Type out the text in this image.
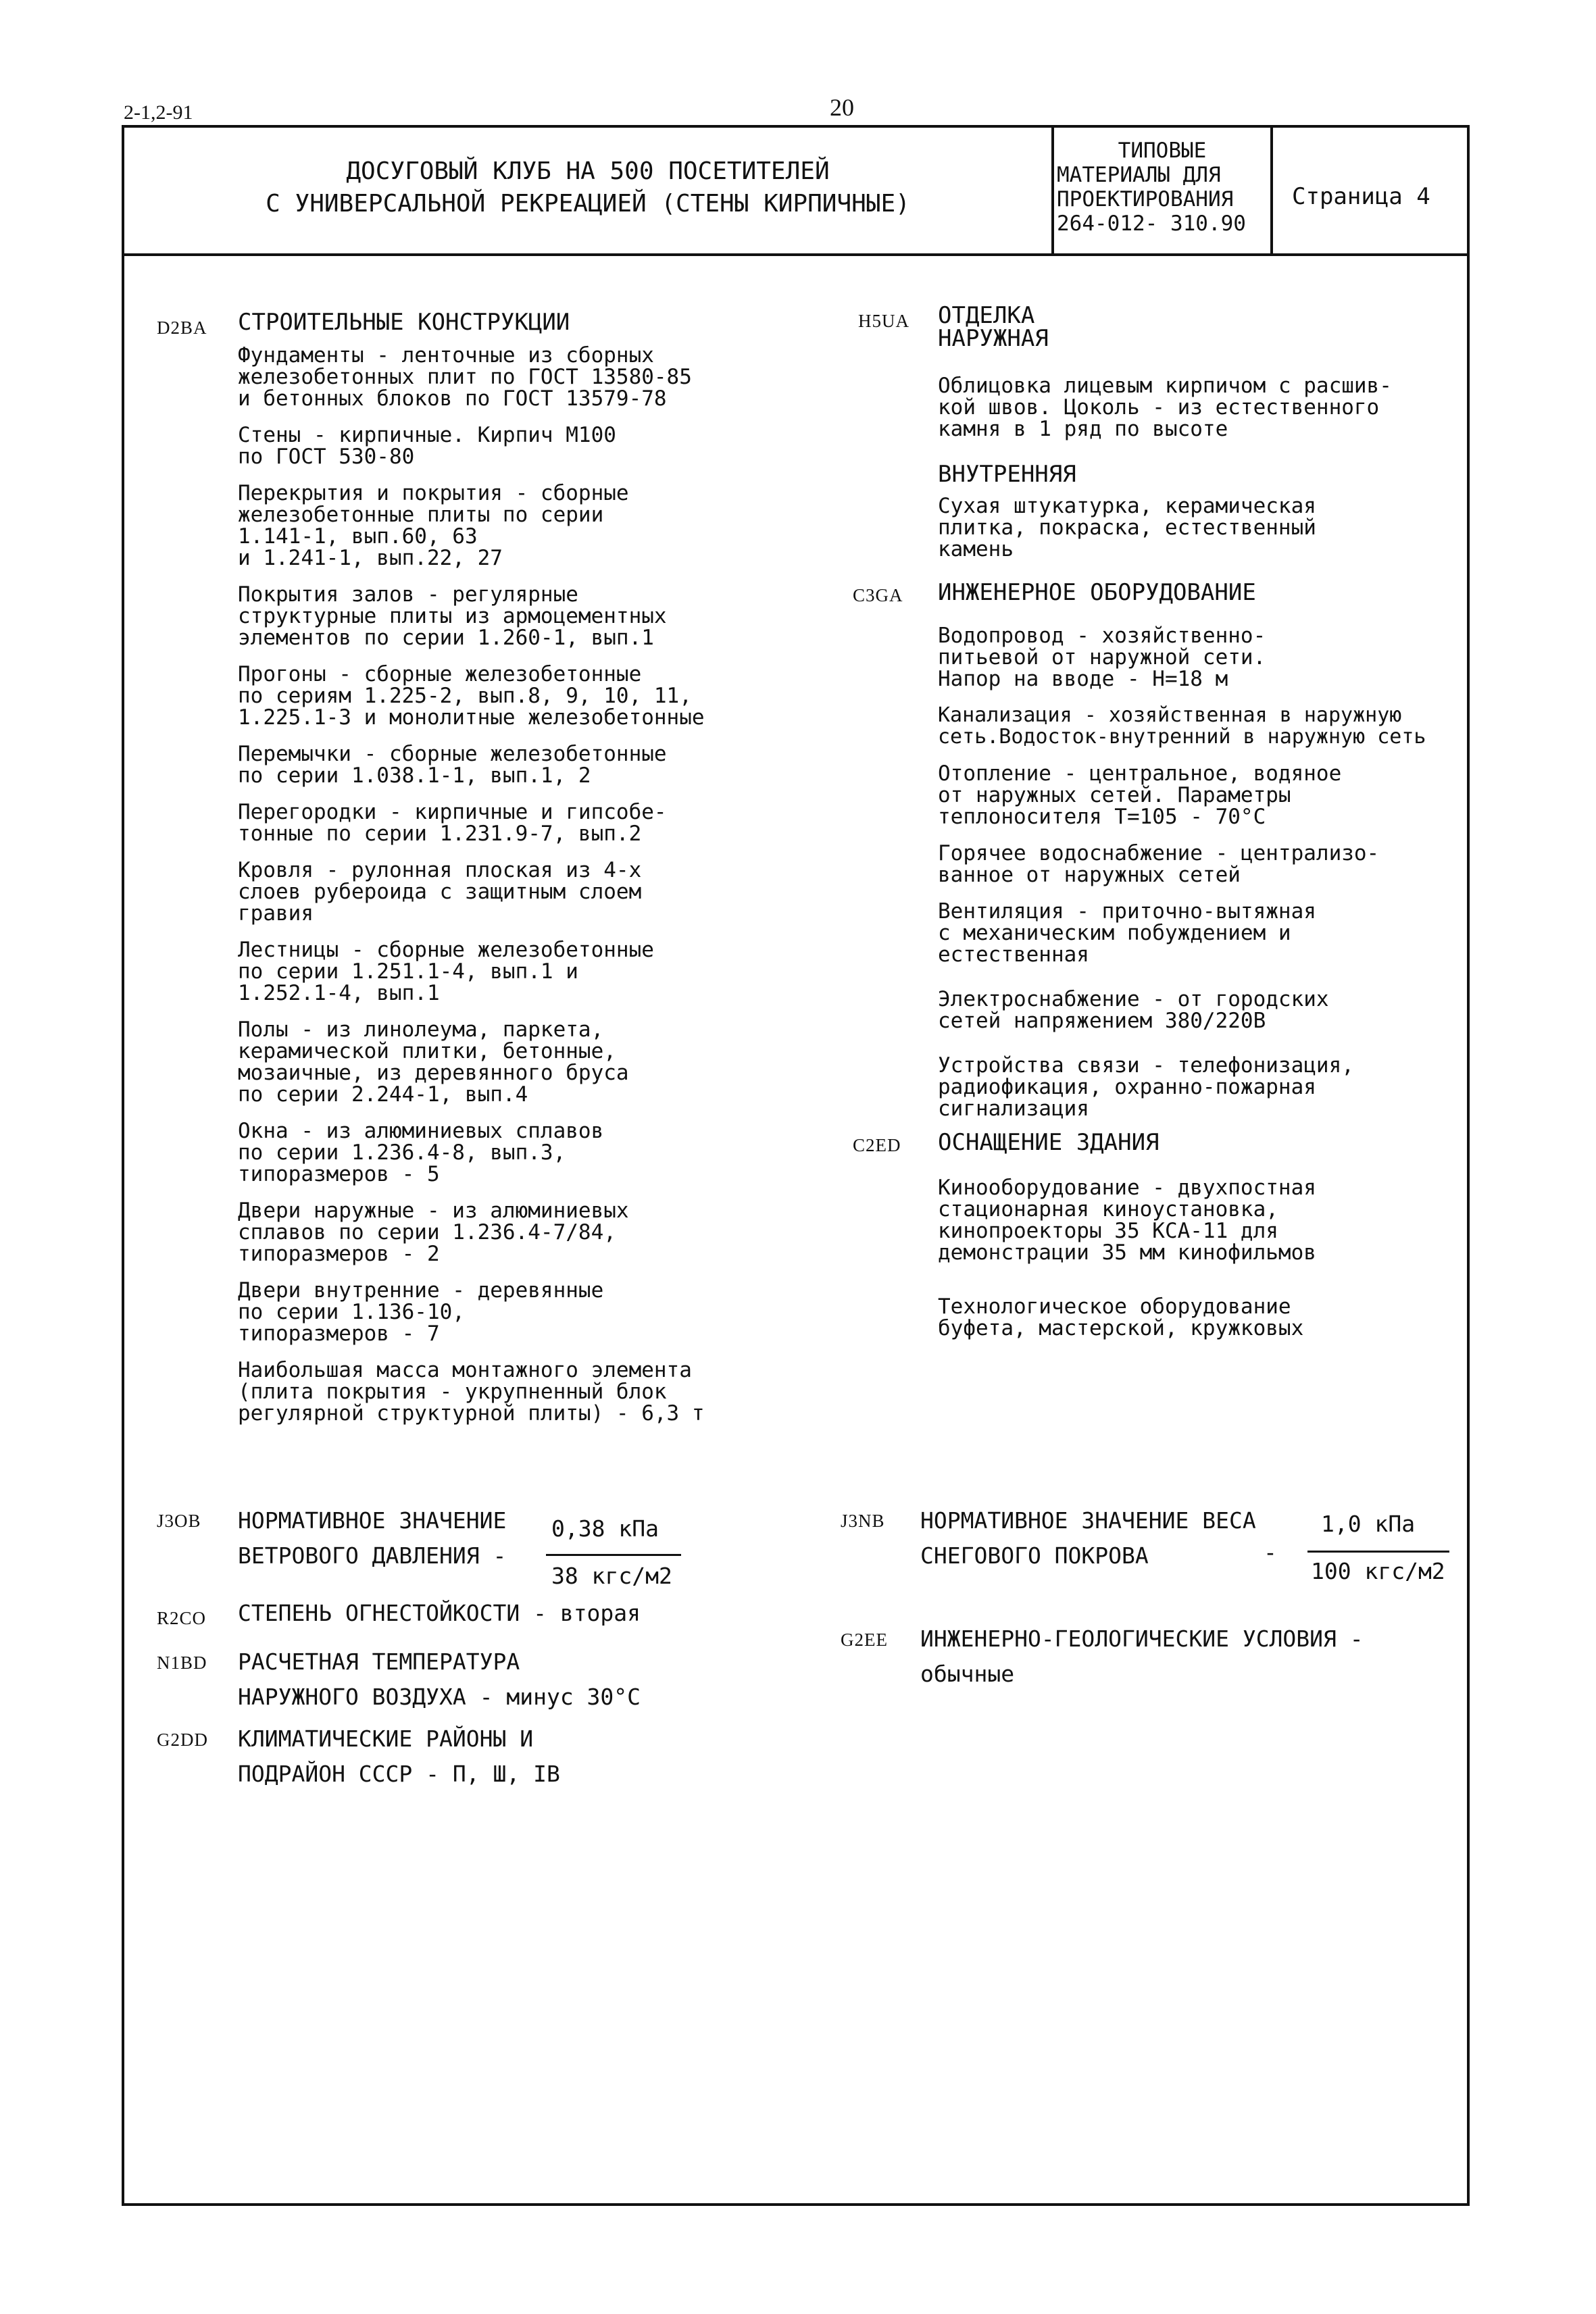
2-1,2-91	20
ДОСУГОВЫЙ КЛУБ НА 500 ПОСЕТИТЕЛЕЙ
С УНИВЕРСАЛЬНОЙ РЕКРЕАЦИЕЙ (СТЕНЫ КИРПИЧНЫЕ)
ТИПОВЫЕ
МАТЕРИАЛЫ ДЛЯ
ПРОЕКТИРОВАНИЯ
264-012- 310.90
Страница 4
D2BA СТРОИТЕЛЬНЫЕ КОНСТРУКЦИИ
Фундаменты - ленточные из сборных
железобетонных плит по ГОСТ 13580-85
и бетонных блоков по ГОСТ 13579-78
Стены - кирпичные. Кирпич М100
по ГОСТ 530-80
Перекрытия и покрытия - сборные
железобетонные плиты по серии
1.141-1, вып.60, 63
и 1.241-1, вып.22, 27
Покрытия залов - регулярные
структурные плиты из армоцементных
элементов по серии 1.260-1, вып.1
Прогоны - сборные железобетонные
по сериям 1.225-2, вып.8, 9, 10, 11,
1.225.1-3 и монолитные железобетонные
Перемычки - сборные железобетонные
по серии 1.038.1-1, вып.1, 2
Перегородки - кирпичные и гипсобе-
тонные по серии 1.231.9-7, вып.2
Кровля - рулонная плоская из 4-х
слоев рубероида с защитным слоем
гравия
Лестницы - сборные железобетонные
по серии 1.251.1-4, вып.1 и
1.252.1-4, вып.1
Полы - из линолеума, паркета,
керамической плитки, бетонные,
мозаичные, из деревянного бруса
по серии 2.244-1, вып.4
Окна - из алюминиевых сплавов
по серии 1.236.4-8, вып.3,
типоразмеров - 5
Двери наружные - из алюминиевых
сплавов по серии 1.236.4-7/84,
типоразмеров - 2
Двери внутренние - деревянные
по серии 1.136-10,
типоразмеров - 7
Наибольшая масса монтажного элемента
(плита покрытия - укрупненный блок
регулярной структурной плиты) - 6,3 т
H5UA ОТДЕЛКА
НАРУЖНАЯ
Облицовка лицевым кирпичом с расшив-
кой швов. Цоколь - из естественного
камня в 1 ряд по высоте
ВНУТРЕННЯЯ
Сухая штукатурка, керамическая
плитка, покраска, естественный
камень
C3GA ИНЖЕНЕРНОЕ ОБОРУДОВАНИЕ
Водопровод - хозяйственно-
питьевой от наружной сети.
Напор на вводе - Н=18 м
Канализация - хозяйственная в наружную
сеть.Водосток-внутренний в наружную сеть
Отопление - центральное, водяное
от наружных сетей. Параметры
теплоносителя Т=105 - 70°С
Горячее водоснабжение - централизо-
ванное от наружных сетей
Вентиляция - приточно-вытяжная
с механическим побуждением и
естественная
Электроснабжение - от городских
сетей напряжением 380/220В
Устройства связи - телефонизация,
радиофикация, охранно-пожарная
сигнализация
C2ED ОСНАЩЕНИЕ ЗДАНИЯ
Кинооборудование - двухпостная
стационарная киноустановка,
кинопроекторы 35 КСА-11 для
демонстрации 35 мм кинофильмов
Технологическое оборудование
буфета, мастерской, кружковых
J3OB НОРМАТИВНОЕ ЗНАЧЕНИЕ
ВЕТРОВОГО ДАВЛЕНИЯ -
0,38 кПа
38 кгс/м2
R2CO СТЕПЕНЬ ОГНЕСТОЙКОСТИ - вторая
N1BD РАСЧЕТНАЯ ТЕМПЕРАТУРА
НАРУЖНОГО ВОЗДУХА - минус 30°С
G2DD КЛИМАТИЧЕСКИЕ РАЙОНЫ И
ПОДРАЙОН СССР - П, Ш, IВ
J3NB НОРМАТИВНОЕ ЗНАЧЕНИЕ ВЕСА
СНЕГОВОГО ПОКРОВА	-
1,0 кПа
100 кгс/м2
G2EE ИНЖЕНЕРНО-ГЕОЛОГИЧЕСКИЕ УСЛОВИЯ -
обычные
